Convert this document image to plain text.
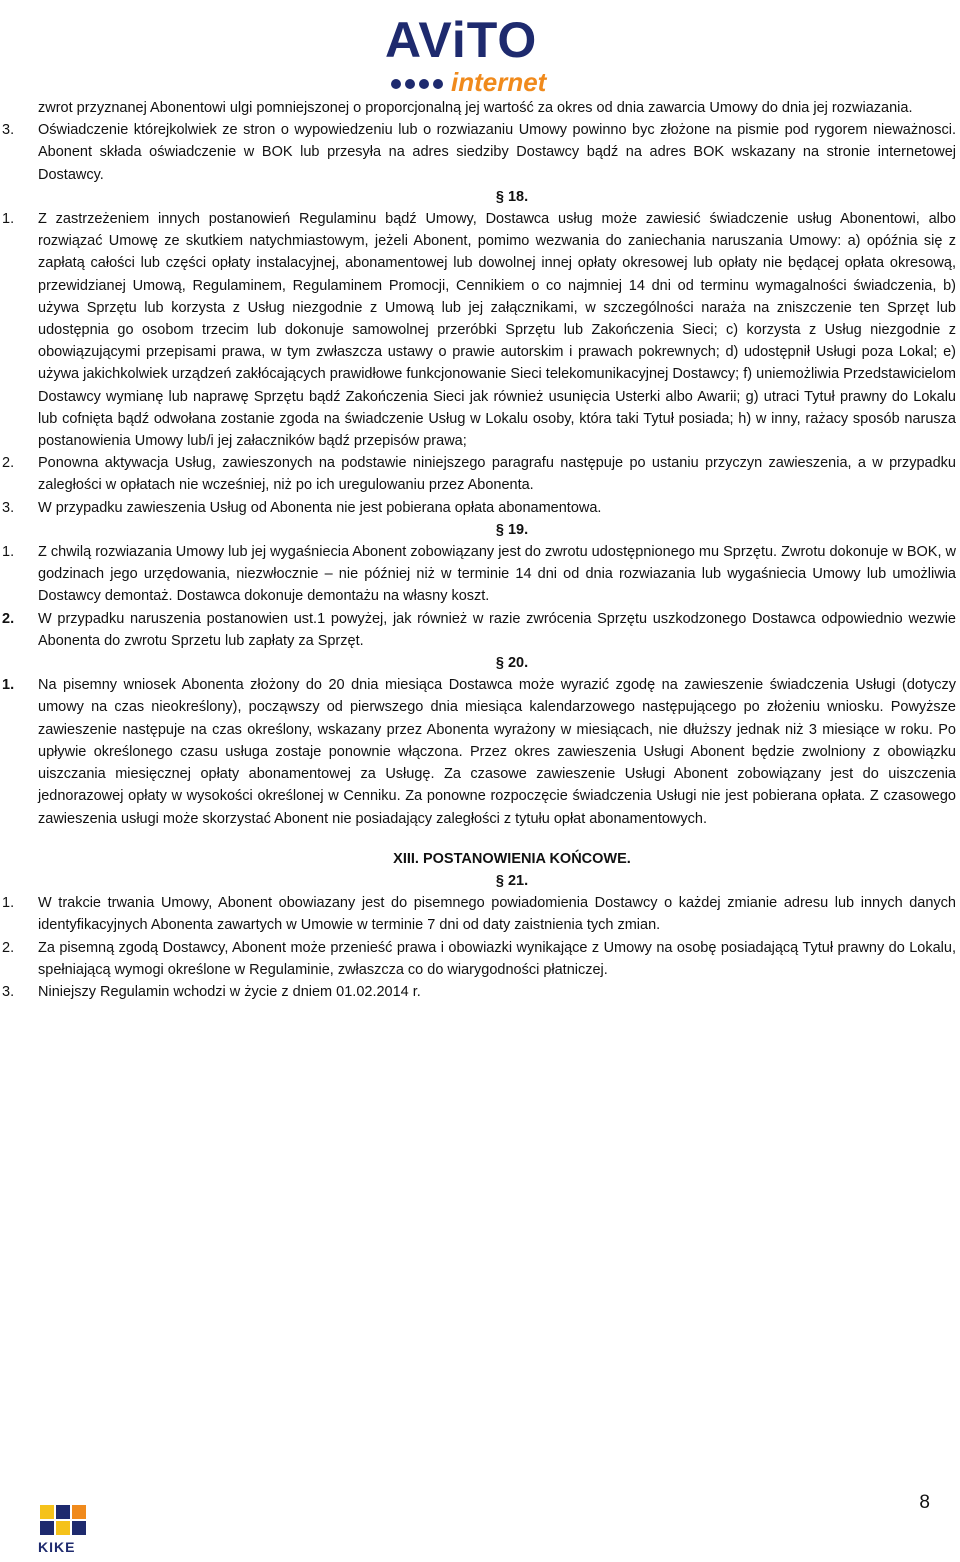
AViTO
internet

zwrot przyznanej Abonentowi ulgi pomniejszonej o proporcjonalną jej wartość za okres od dnia zawarcia Umowy do dnia jej rozwiazania.

3. Oświadczenie którejkolwiek ze stron o wypowiedzeniu lub o rozwiazaniu Umowy powinno byc złożone na pismie pod rygorem nieważnosci. Abonent składa oświadczenie w BOK lub przesyła na adres siedziby Dostawcy bądź na adres BOK wskazany na stronie internetowej Dostawcy.

§ 18.

1. Z zastrzeżeniem innych postanowień Regulaminu bądź Umowy, Dostawca usług może zawiesić świadczenie usług Abonentowi, albo rozwiązać Umowę ze skutkiem natychmiastowym, jeżeli Abonent, pomimo wezwania do zaniechania naruszania Umowy: a) opóźnia się z zapłatą całości lub części opłaty instalacyjnej, abonamentowej lub dowolnej innej opłaty okresowej lub opłaty nie będącej opłata okresową, przewidzianej Umową, Regulaminem, Regulaminem Promocji, Cennikiem o co najmniej 14 dni od terminu wymagalności świadczenia, b) używa Sprzętu lub korzysta z Usług niezgodnie z Umową lub jej załącznikami, w szczególności naraża na zniszczenie ten Sprzęt lub udostępnia go osobom trzecim lub dokonuje samowolnej przeróbki Sprzętu lub Zakończenia Sieci; c) korzysta z Usług niezgodnie z obowiązującymi przepisami prawa, w tym zwłaszcza ustawy o prawie autorskim i prawach pokrewnych; d) udostępnił Usługi poza Lokal; e) używa jakichkolwiek urządzeń zakłócających prawidłowe funkcjonowanie Sieci telekomunikacyjnej Dostawcy; f) uniemożliwia Przedstawicielom Dostawcy wymianę lub naprawę Sprzętu bądź Zakończenia Sieci jak również usunięcia Usterki albo Awarii; g) utraci Tytuł prawny do Lokalu lub cofnięta bądź odwołana zostanie zgoda na świadczenie Usług w Lokalu osoby, która taki Tytuł posiada; h) w inny, rażacy sposób narusza postanowienia Umowy lub/i jej załaczników bądź przepisów prawa;
2. Ponowna aktywacja Usług, zawieszonych na podstawie niniejszego paragrafu następuje po ustaniu przyczyn zawieszenia, a w przypadku zaległości w opłatach nie wcześniej, niż po ich uregulowaniu przez Abonenta.
3. W przypadku zawieszenia Usług od Abonenta nie jest pobierana opłata abonamentowa.

§ 19.

1. Z chwilą rozwiazania Umowy lub jej wygaśniecia Abonent zobowiązany jest do zwrotu udostępnionego mu Sprzętu. Zwrotu dokonuje w BOK, w godzinach jego urzędowania, niezwłocznie – nie później niż w terminie 14 dni od dnia rozwiazania lub wygaśniecia Umowy lub umożliwia Dostawcy demontaż. Dostawca dokonuje demontażu na własny koszt.
2. W przypadku naruszenia postanowien ust.1 powyżej, jak również w razie zwrócenia Sprzętu uszkodzonego Dostawca odpowiednio wezwie Abonenta do zwrotu Sprzetu lub zapłaty za Sprzęt.

§ 20.

1. Na pisemny wniosek Abonenta złożony do 20 dnia miesiąca Dostawca może wyrazić zgodę na zawieszenie świadczenia Usługi (dotyczy umowy na czas nieokreślony), począwszy od pierwszego dnia miesiąca kalendarzowego następującego po złożeniu wniosku. Powyższe zawieszenie następuje na czas określony, wskazany przez Abonenta wyrażony w miesiącach, nie dłuższy jednak niż 3 miesiące w roku. Po upływie określonego czasu usługa zostaje ponownie włączona. Przez okres zawieszenia Usługi Abonent będzie zwolniony z obowiązku uiszczania miesięcznej opłaty abonamentowej za Usługę. Za czasowe zawieszenie Usługi Abonent zobowiązany jest do uiszczenia jednorazowej opłaty w wysokości określonej w Cenniku. Za ponowne rozpoczęcie świadczenia Usługi nie jest pobierana opłata. Z czasowego zawieszenia usługi może skorzystać Abonent nie posiadający zaległości z tytułu opłat abonamentowych.

XIII. POSTANOWIENIA KOŃCOWE.

§ 21.

1. W trakcie trwania Umowy, Abonent obowiazany jest do pisemnego powiadomienia Dostawcy o każdej zmianie adresu lub innych danych identyfikacyjnych Abonenta zawartych w Umowie w terminie 7 dni od daty zaistnienia tych zmian.
2. Za pisemną zgodą Dostawcy, Abonent może przenieść prawa i obowiazki wynikające z Umowy na osobę posiadającą Tytuł prawny do Lokalu, spełniającą wymogi określone w Regulaminie, zwłaszcza co do wiarygodności płatniczej.
3. Niniejszy Regulamin wchodzi w życie z dniem 01.02.2014 r.
KIKE
8
